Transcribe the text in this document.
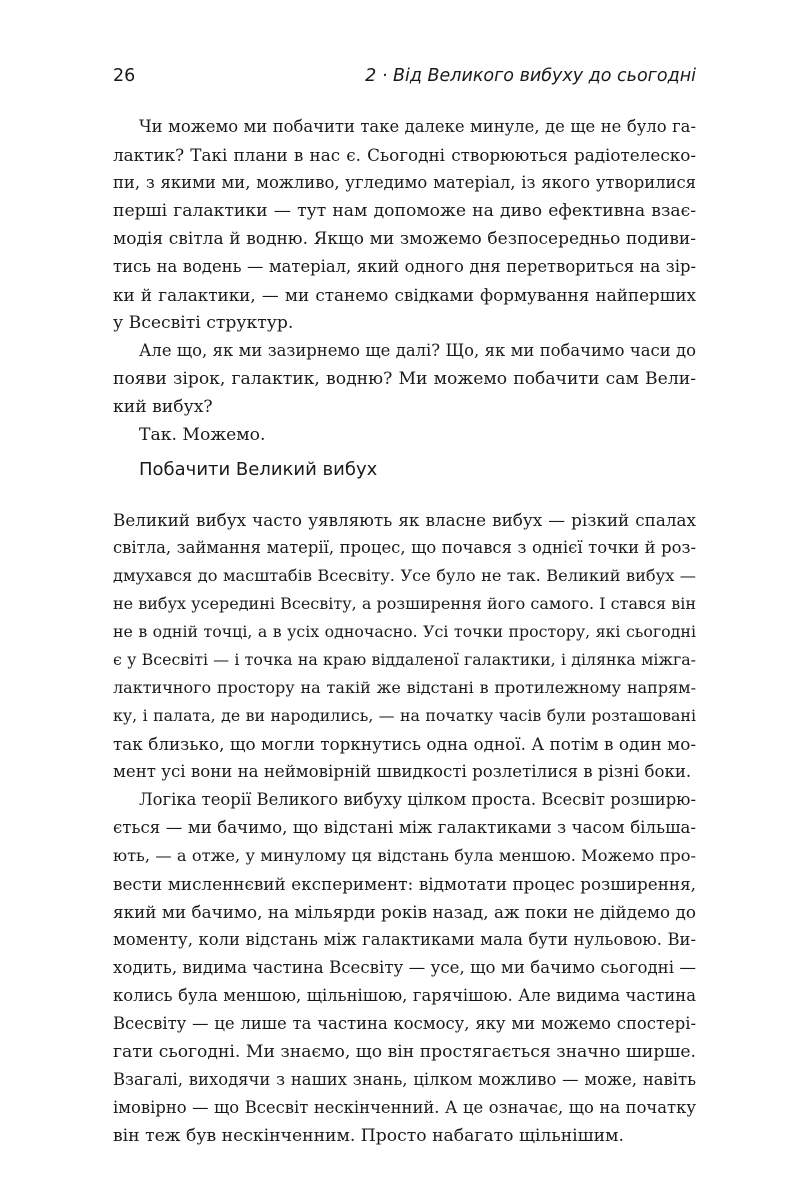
26	2 · Від Великого вибуху до сьогодні
Чи можемо ми побачити таке далеке минуле, де ще не було га-
лактик? Такі плани в нас є. Сьогодні створюються радіотелеско-
пи, з якими ми, можливо, угледимо матеріал, із якого утворилися
перші галактики — тут нам допоможе на диво ефективна взає-
модія світла й водню. Якщо ми зможемо безпосередньо подиви-
тись на водень — матеріал, який одного дня перетвориться на зір-
ки й галактики, — ми станемо свідками формування найперших
у Всесвіті структур.
Але що, як ми зазирнемо ще далі? Що, як ми побачимо часи до
появи зірок, галактик, водню? Ми можемо побачити сам Вели-
кий вибух?
Так. Можемо.
Побачити Великий вибух
Великий вибух часто уявляють як власне вибух — різкий спалах
світла, займання матерії, процес, що почався з однієї точки й роз-
дмухався до масштабів Всесвіту. Усе було не так. Великий вибух —
не вибух усередині Всесвіту, а розширення його самого. І стався він
не в одній точці, а в усіх одночасно. Усі точки простору, які сьогодні
є у Всесвіті — і точка на краю віддаленої галактики, і ділянка міжга-
лактичного простору на такій же відстані в протилежному напрям-
ку, і палата, де ви народились, — на початку часів були розташовані
так близько, що могли торкнутись одна одної. А потім в один мо-
мент усі вони на неймовірній швидкості розлетілися в різні боки.
Логіка теорії Великого вибуху цілком проста. Всесвіт розширю-
ється — ми бачимо, що відстані між галактиками з часом більша-
ють, — а отже, у минулому ця відстань була меншою. Можемо про-
вести мисленнєвий експеримент: відмотати процес розширення,
який ми бачимо, на мільярди років назад, аж поки не дійдемо до
моменту, коли відстань між галактиками мала бути нульовою. Ви-
ходить, видима частина Всесвіту — усе, що ми бачимо сьогодні —
колись була меншою, щільнішою, гарячішою. Але видима частина
Всесвіту — це лише та частина космосу, яку ми можемо спостері-
гати сьогодні. Ми знаємо, що він простягається значно ширше.
Взагалі, виходячи з наших знань, цілком можливо — може, навіть
імовірно — що Всесвіт нескінченний. А це означає, що на початку
він теж був нескінченним. Просто набагато щільнішим.
